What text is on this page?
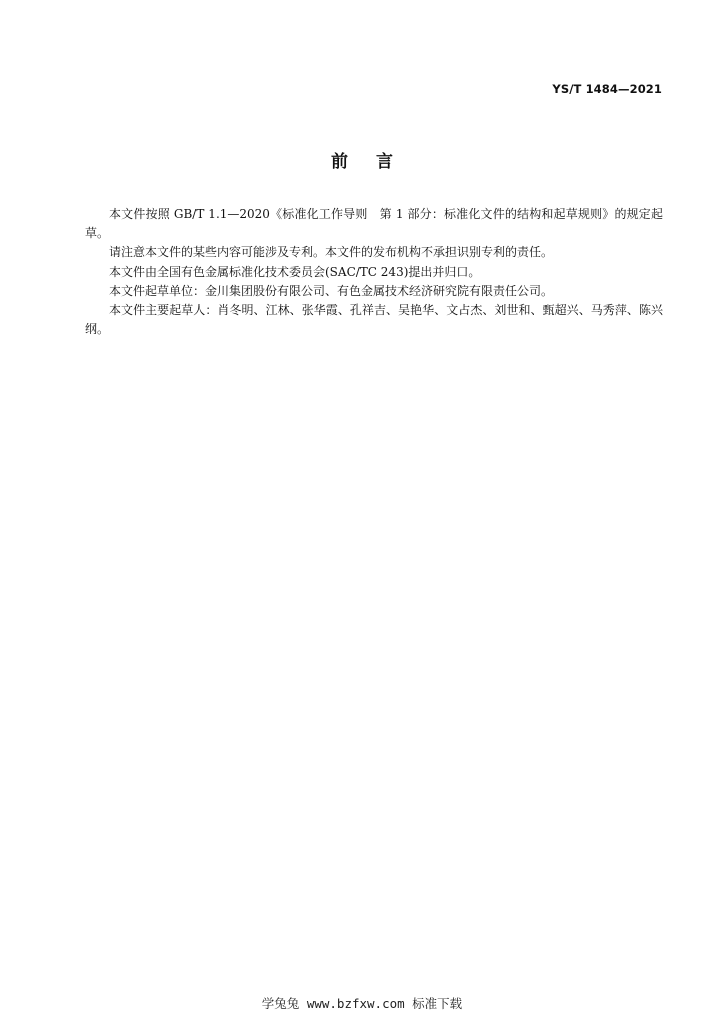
YS/T 1484—2021
前言

本文件按照 GB/T 1.1—2020《标准化工作导则　第 1 部分：标准化文件的结构和起草规则》的规定起草。

请注意本文件的某些内容可能涉及专利。本文件的发布机构不承担识别专利的责任。

本文件由全国有色金属标准化技术委员会(SAC/TC 243)提出并归口。

本文件起草单位：金川集团股份有限公司、有色金属技术经济研究院有限责任公司。

本文件主要起草人：肖冬明、江林、张华霞、孔祥吉、吴艳华、文占杰、刘世和、甄超兴、马秀萍、陈兴纲。

学兔兔 www.bzfxw.com 标准下载
